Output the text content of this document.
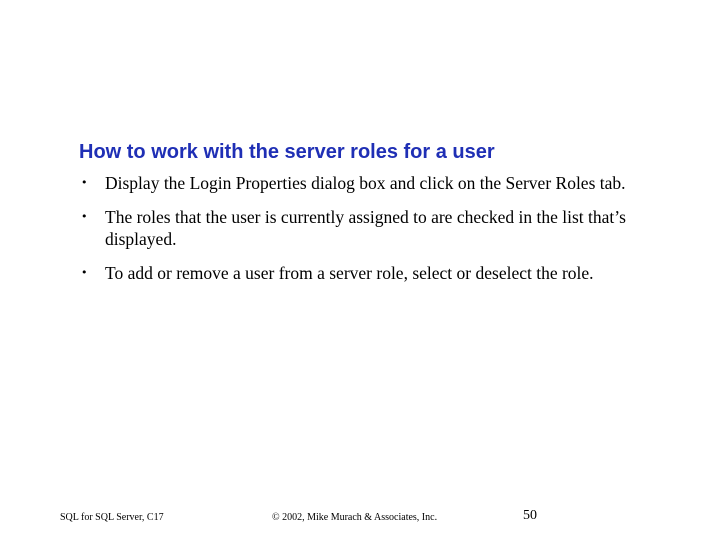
How to work with the server roles for a user
• Display the Login Properties dialog box and click on the Server Roles tab.
• The roles that the user is currently assigned to are checked in the list that’s displayed.
• To add or remove a user from a server role, select or deselect the role.
SQL for SQL Server, C17	© 2002, Mike Murach & Associates, Inc.	50
